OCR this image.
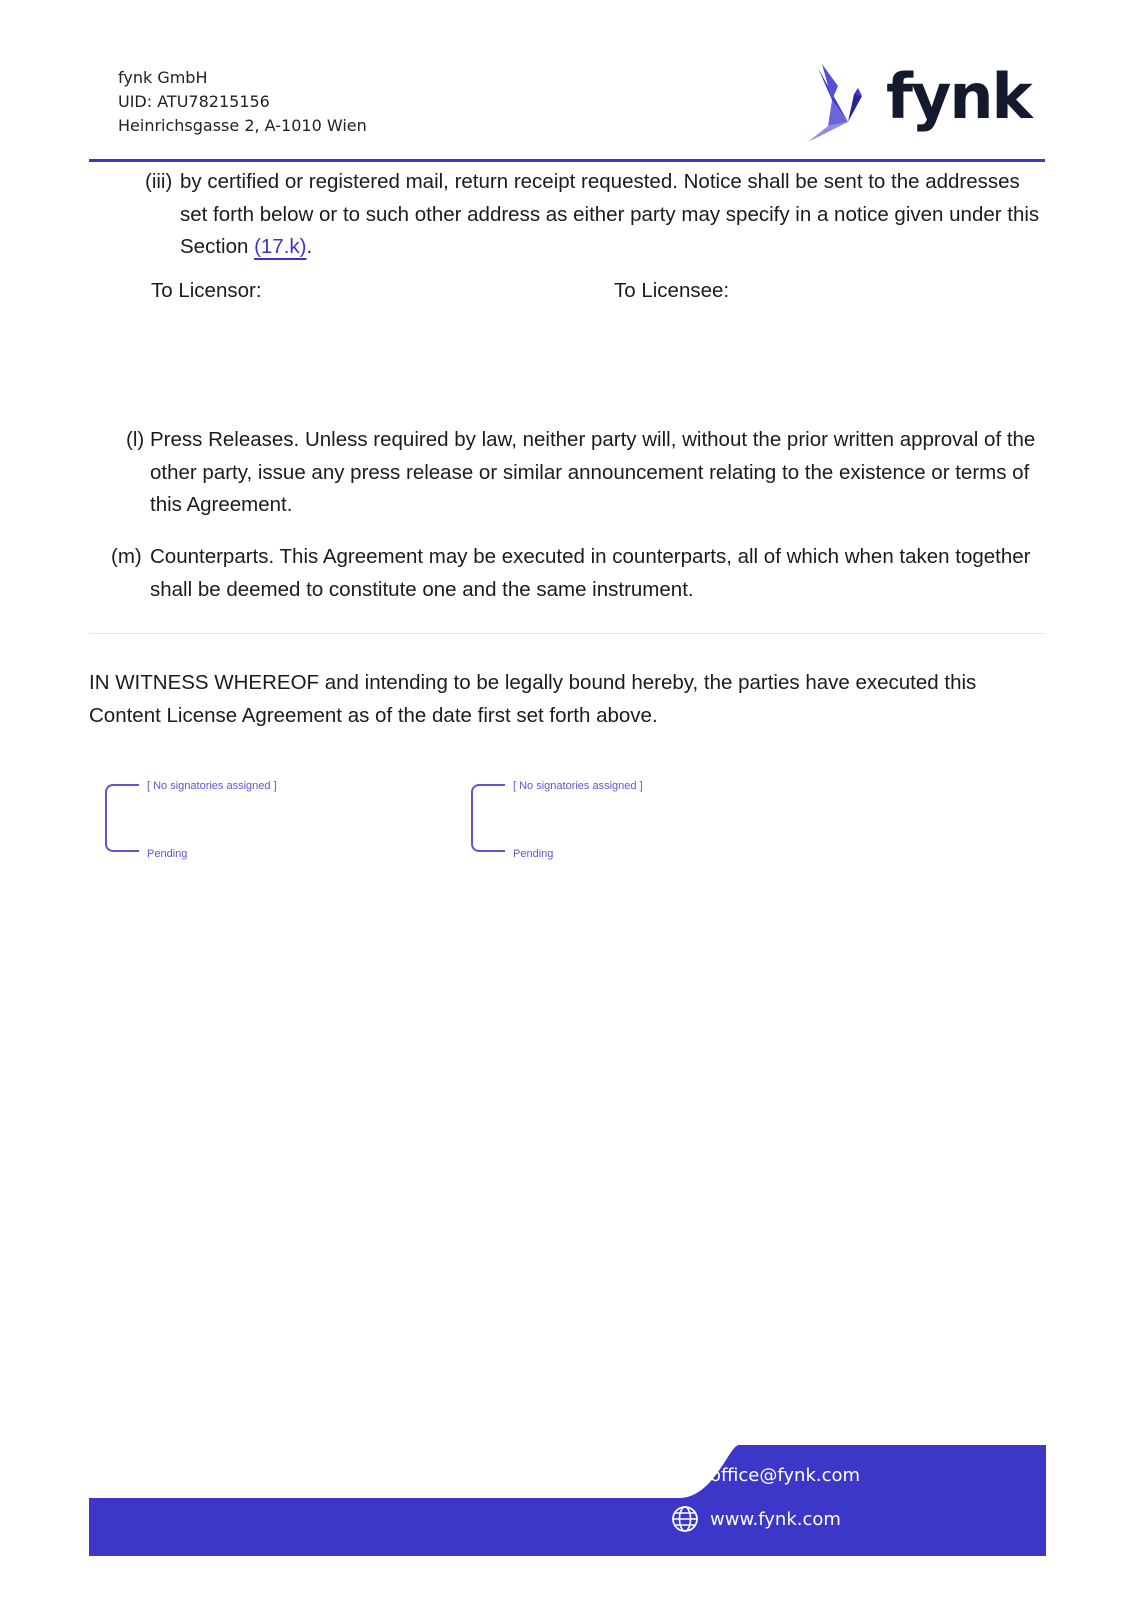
fynk GmbH
UID: ATU78215156
Heinrichsgasse 2, A-1010 Wien	fynk
(iii) by certified or registered mail, return receipt requested. Notice shall be sent to the addresses set forth below or to such other address as either party may specify in a notice given under this Section (17.k).
To Licensor:	To Licensee:
(l) Press Releases. Unless required by law, neither party will, without the prior written approval of the other party, issue any press release or similar announcement relating to the existence or terms of this Agreement.
(m) Counterparts. This Agreement may be executed in counterparts, all of which when taken together shall be deemed to constitute one and the same instrument.
IN WITNESS WHEREOF and intending to be legally bound hereby, the parties have executed this Content License Agreement as of the date first set forth above.
[ No signatories assigned ]
Pending
[ No signatories assigned ]
Pending
office@fynk.com
www.fynk.com
